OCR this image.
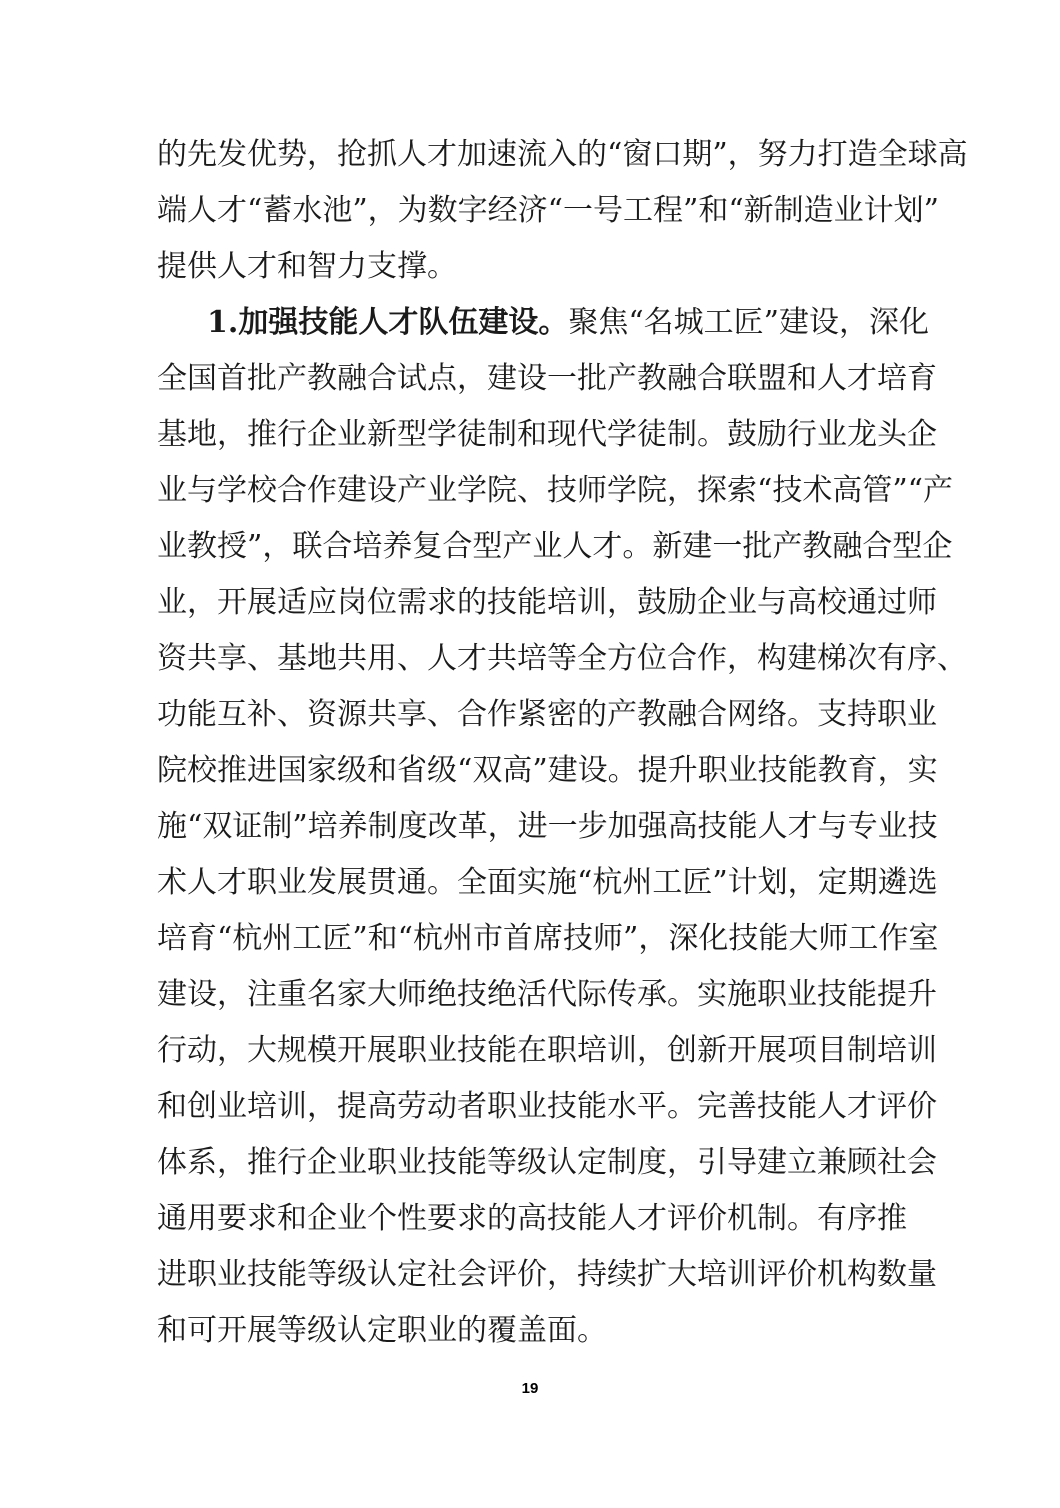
的先发优势，抢抓人才加速流入的“窗口期”，努力打造全球高
端人才“蓄水池”，为数字经济“一号工程”和“新制造业计划”
提供人才和智力支撑。
1.加强技能人才队伍建设。聚焦“名城工匠”建设，深化
全国首批产教融合试点，建设一批产教融合联盟和人才培育
基地，推行企业新型学徒制和现代学徒制。鼓励行业龙头企
业与学校合作建设产业学院、技师学院，探索“技术高管”“产
业教授”，联合培养复合型产业人才。新建一批产教融合型企
业，开展适应岗位需求的技能培训，鼓励企业与高校通过师
资共享、基地共用、人才共培等全方位合作，构建梯次有序、
功能互补、资源共享、合作紧密的产教融合网络。支持职业
院校推进国家级和省级“双高”建设。提升职业技能教育，实
施“双证制”培养制度改革，进一步加强高技能人才与专业技
术人才职业发展贯通。全面实施“杭州工匠”计划，定期遴选
培育“杭州工匠”和“杭州市首席技师”，深化技能大师工作室
建设，注重名家大师绝技绝活代际传承。实施职业技能提升
行动，大规模开展职业技能在职培训，创新开展项目制培训
和创业培训，提高劳动者职业技能水平。完善技能人才评价
体系，推行企业职业技能等级认定制度，引导建立兼顾社会
通用要求和企业个性要求的高技能人才评价机制。有序推
进职业技能等级认定社会评价，持续扩大培训评价机构数量
和可开展等级认定职业的覆盖面。
19
